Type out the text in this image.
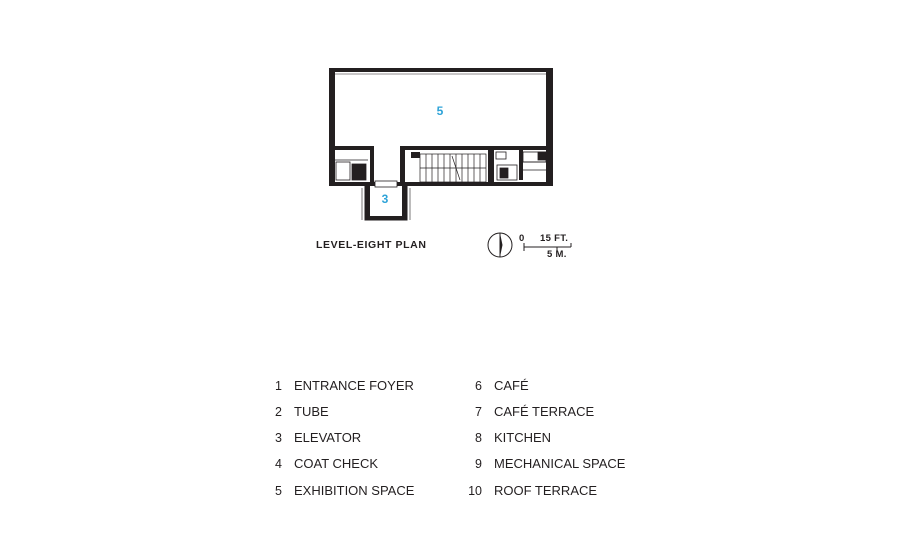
5
3
LEVEL-EIGHT PLAN
0 15 FT.
5 M.
1 ENTRANCE FOYER
2 TUBE
3 ELEVATOR
4 COAT CHECK
5 EXHIBITION SPACE
6 CAFÉ
7 CAFÉ TERRACE
8 KITCHEN
9 MECHANICAL SPACE
10 ROOF TERRACE
